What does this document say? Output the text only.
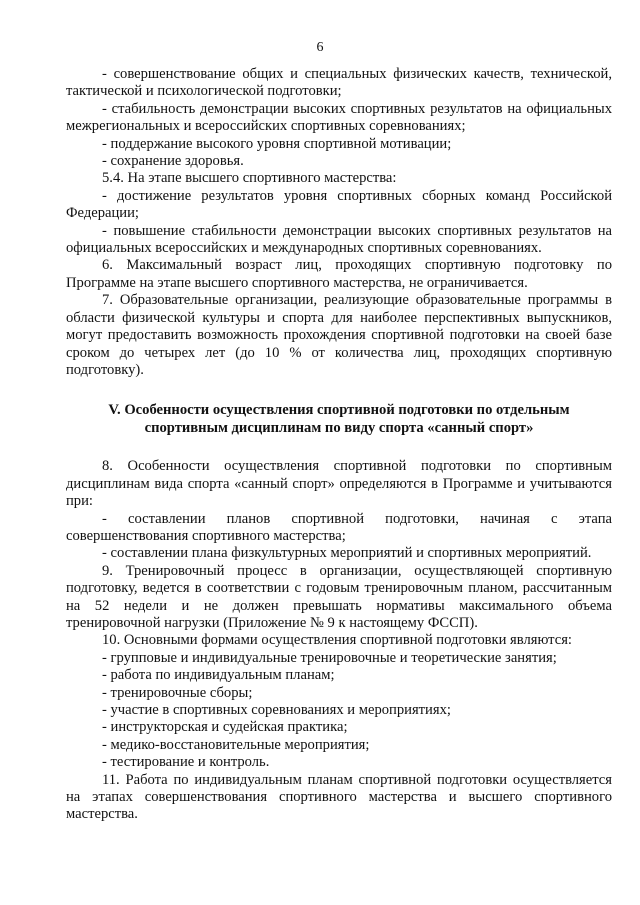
6

- совершенствование общих и специальных физических качеств, технической, тактической и психологической подготовки;

- стабильность демонстрации высоких спортивных результатов на официальных межрегиональных и всероссийских спортивных соревнованиях;

- поддержание высокого уровня спортивной мотивации;

- сохранение здоровья.

5.4. На этапе высшего спортивного мастерства:

- достижение результатов уровня спортивных сборных команд Российской Федерации;

- повышение стабильности демонстрации высоких спортивных результатов на официальных всероссийских и международных спортивных соревнованиях.

6. Максимальный возраст лиц, проходящих спортивную подготовку по Программе на этапе высшего спортивного мастерства, не ограничивается.

7. Образовательные организации, реализующие образовательные программы в области физической культуры и спорта для наиболее перспективных выпускников, могут предоставить возможность прохождения спортивной подготовки на своей базе сроком до четырех лет (до 10 % от количества лиц, проходящих спортивную подготовку).

V. Особенности осуществления спортивной подготовки по отдельным спортивным дисциплинам по виду спорта «санный спорт»

8. Особенности осуществления спортивной подготовки по спортивным дисциплинам вида спорта «санный спорт» определяются в Программе и учитываются при:

- составлении планов спортивной подготовки, начиная с этапа совершенствования спортивного мастерства;

- составлении плана физкультурных мероприятий и спортивных мероприятий.

9. Тренировочный процесс в организации, осуществляющей спортивную подготовку, ведется в соответствии с годовым тренировочным планом, рассчитанным на 52 недели и не должен превышать нормативы максимального объема тренировочной нагрузки (Приложение № 9 к настоящему ФССП).

10. Основными формами осуществления спортивной подготовки являются:

- групповые и индивидуальные тренировочные и теоретические занятия;

- работа по индивидуальным планам;

- тренировочные сборы;

- участие в спортивных соревнованиях и мероприятиях;

- инструкторская и судейская практика;

- медико-восстановительные мероприятия;

- тестирование и контроль.

11. Работа по индивидуальным планам спортивной подготовки осуществляется на этапах совершенствования спортивного мастерства и высшего спортивного мастерства.
